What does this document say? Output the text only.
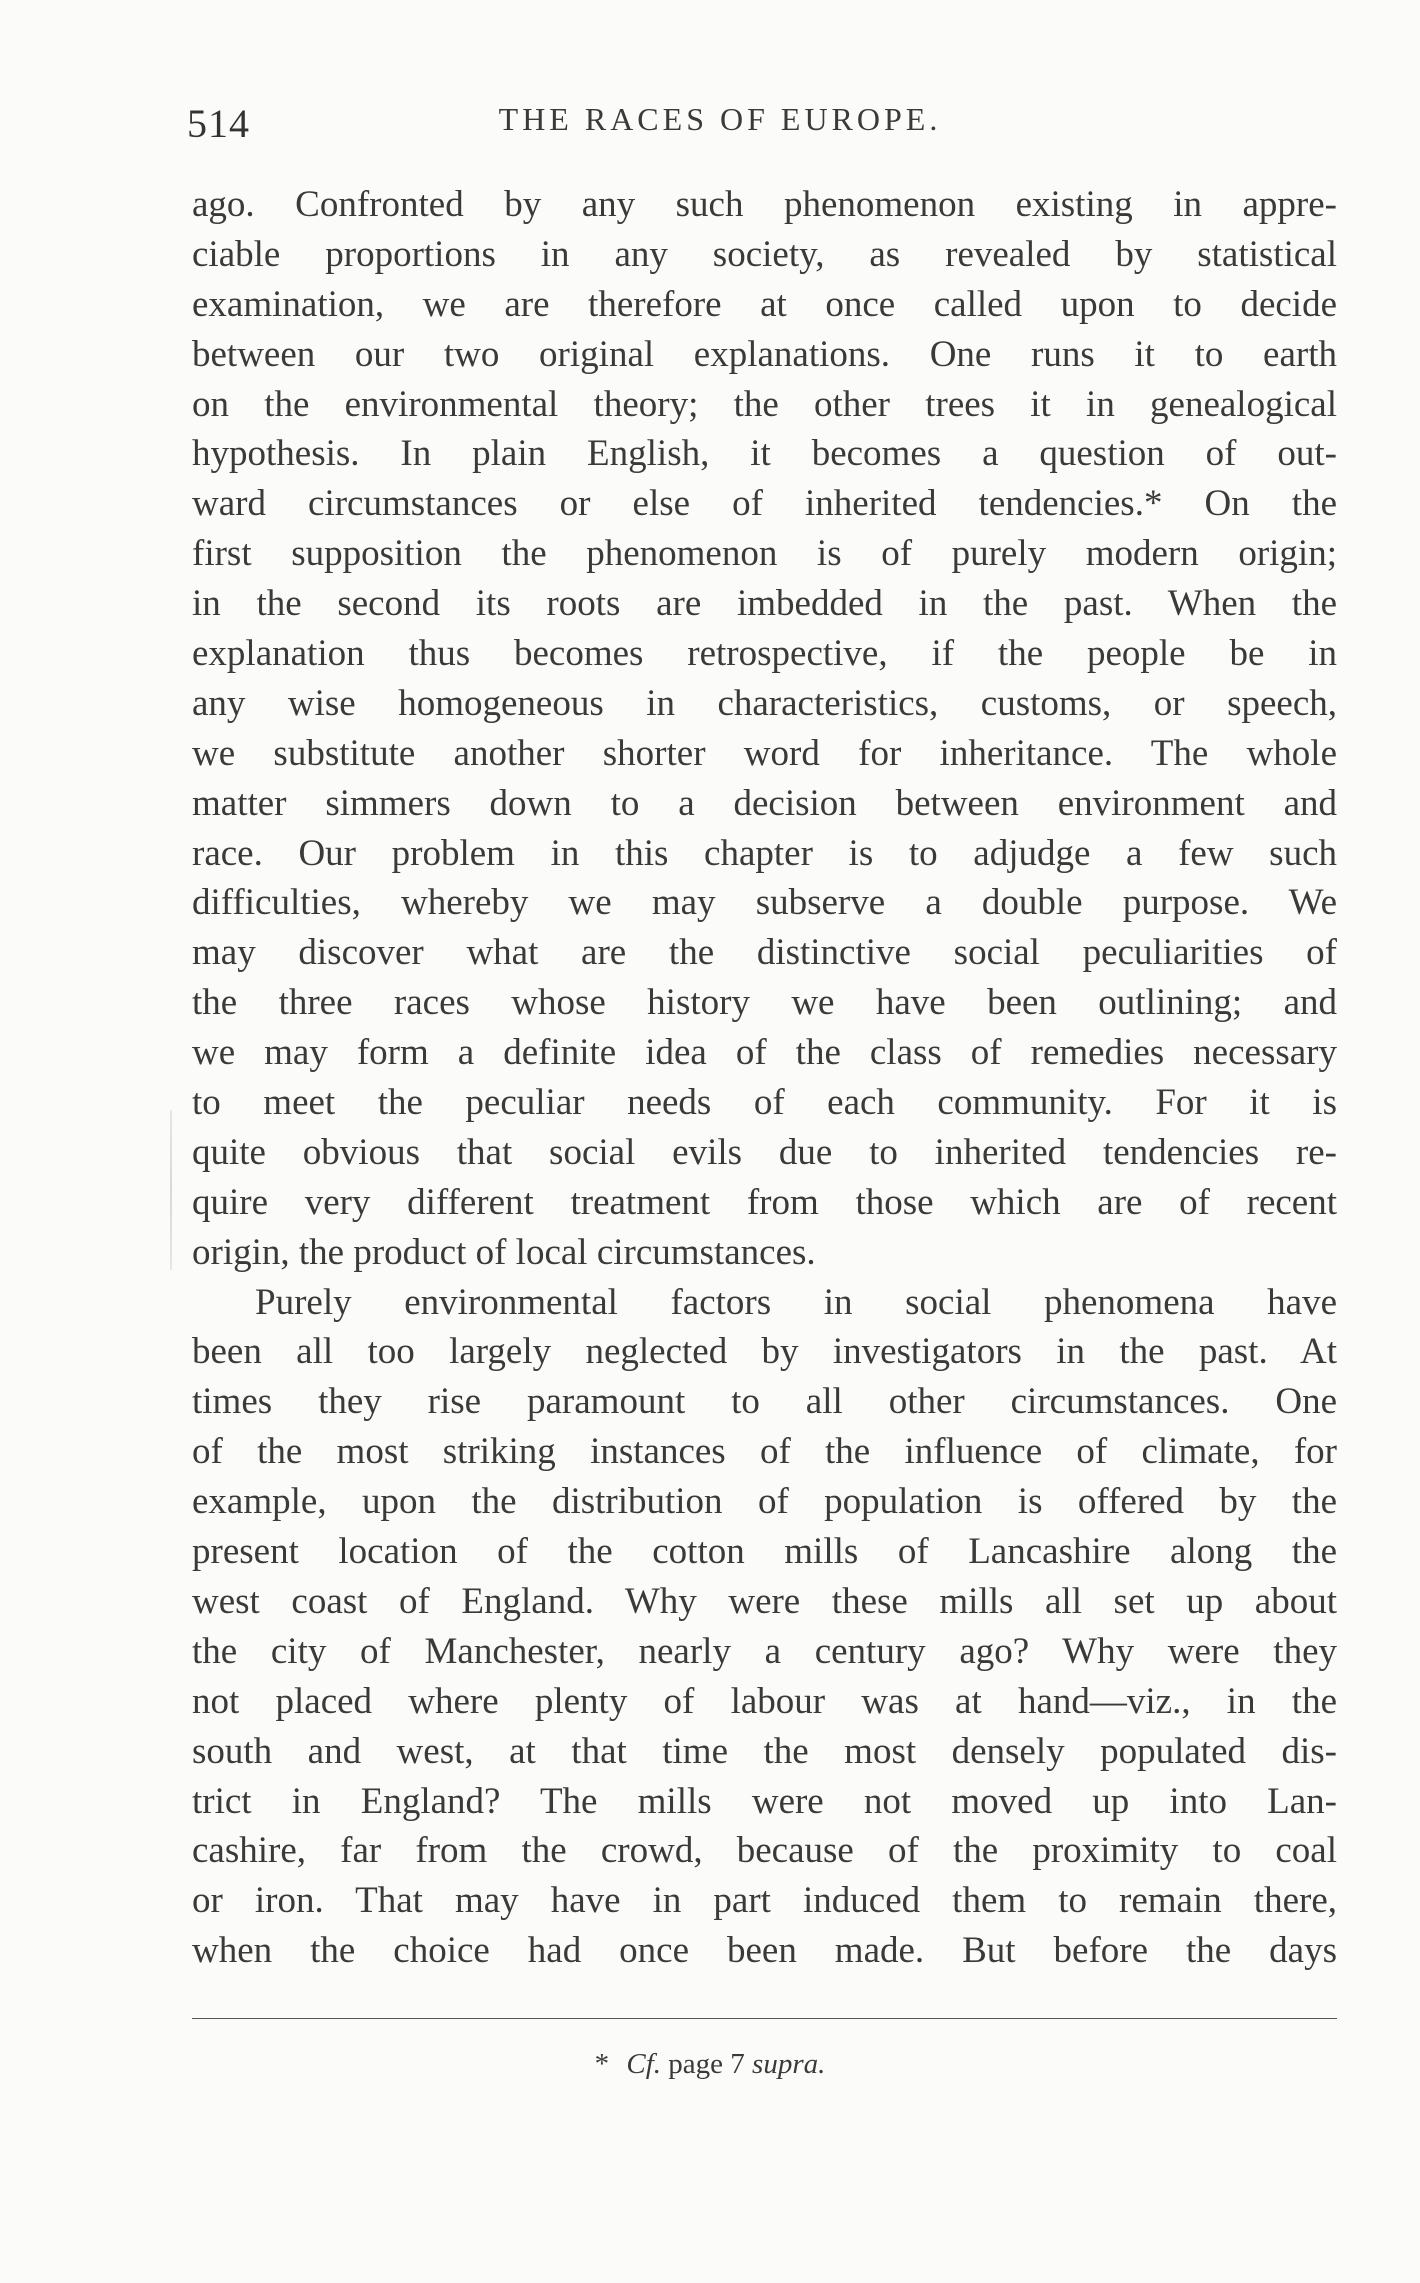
514	THE RACES OF EUROPE.
ago. Confronted by any such phenomenon existing in appre-
ciable proportions in any society, as revealed by statistical
examination, we are therefore at once called upon to decide
between our two original explanations. One runs it to earth
on the environmental theory; the other trees it in genealogical
hypothesis. In plain English, it becomes a question of out-
ward circumstances or else of inherited tendencies.* On the
first supposition the phenomenon is of purely modern origin;
in the second its roots are imbedded in the past. When the
explanation thus becomes retrospective, if the people be in
any wise homogeneous in characteristics, customs, or speech,
we substitute another shorter word for inheritance. The whole
matter simmers down to a decision between environment and
race. Our problem in this chapter is to adjudge a few such
difficulties, whereby we may subserve a double purpose. We
may discover what are the distinctive social peculiarities of
the three races whose history we have been outlining; and
we may form a definite idea of the class of remedies necessary
to meet the peculiar needs of each community. For it is
quite obvious that social evils due to inherited tendencies re-
quire very different treatment from those which are of recent
origin, the product of local circumstances.
Purely environmental factors in social phenomena have
been all too largely neglected by investigators in the past. At
times they rise paramount to all other circumstances. One
of the most striking instances of the influence of climate, for
example, upon the distribution of population is offered by the
present location of the cotton mills of Lancashire along the
west coast of England. Why were these mills all set up about
the city of Manchester, nearly a century ago? Why were they
not placed where plenty of labour was at hand—viz., in the
south and west, at that time the most densely populated dis-
trict in England? The mills were not moved up into Lan-
cashire, far from the crowd, because of the proximity to coal
or iron. That may have in part induced them to remain there,
when the choice had once been made. But before the days
* Cf. page 7 supra.
